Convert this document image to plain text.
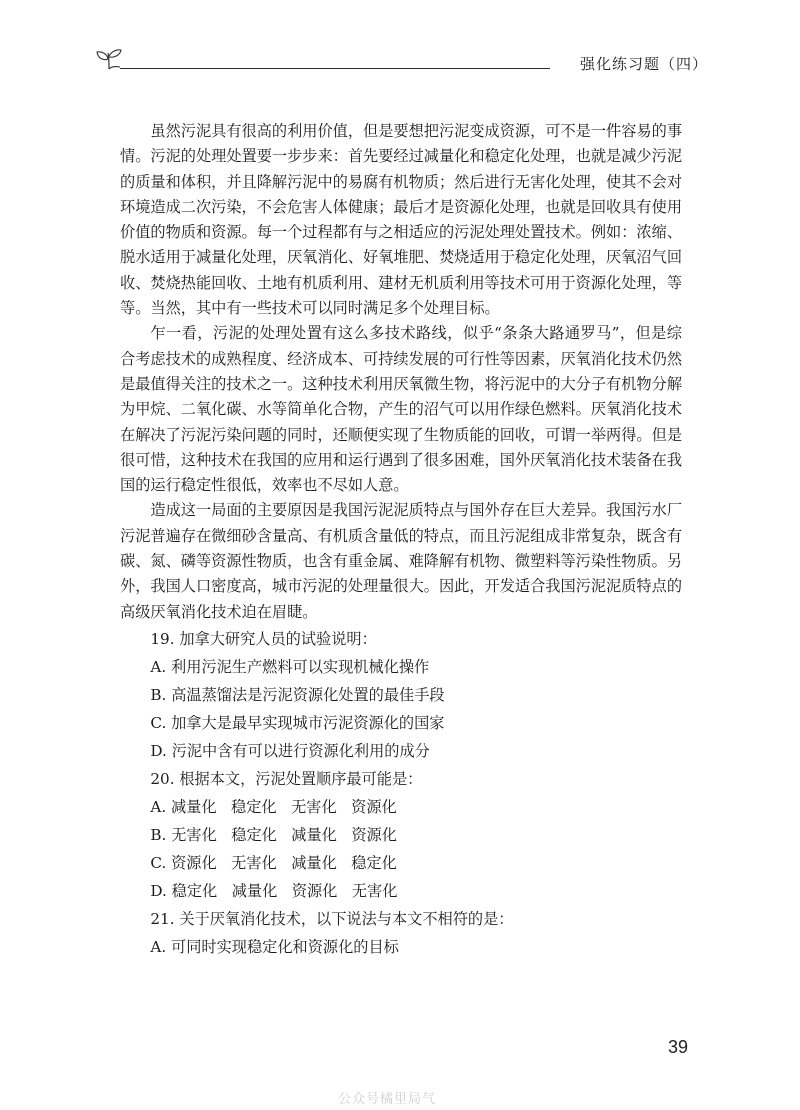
强化练习题（四）

虽然污泥具有很高的利用价值，但是要想把污泥变成资源，可不是一件容易的事情。污泥的处理处置要一步步来：首先要经过减量化和稳定化处理，也就是减少污泥的质量和体积，并且降解污泥中的易腐有机物质；然后进行无害化处理，使其不会对环境造成二次污染，不会危害人体健康；最后才是资源化处理，也就是回收具有使用价值的物质和资源。每一个过程都有与之相适应的污泥处理处置技术。例如：浓缩、脱水适用于减量化处理，厌氧消化、好氧堆肥、焚烧适用于稳定化处理，厌氧沼气回收、焚烧热能回收、土地有机质利用、建材无机质利用等技术可用于资源化处理，等等。当然，其中有一些技术可以同时满足多个处理目标。

乍一看，污泥的处理处置有这么多技术路线，似乎“条条大路通罗马”，但是综合考虑技术的成熟程度、经济成本、可持续发展的可行性等因素，厌氧消化技术仍然是最值得关注的技术之一。这种技术利用厌氧微生物，将污泥中的大分子有机物分解为甲烷、二氧化碳、水等简单化合物，产生的沼气可以用作绿色燃料。厌氧消化技术在解决了污泥污染问题的同时，还顺便实现了生物质能的回收，可谓一举两得。但是很可惜，这种技术在我国的应用和运行遇到了很多困难，国外厌氧消化技术装备在我国的运行稳定性很低，效率也不尽如人意。

造成这一局面的主要原因是我国污泥泥质特点与国外存在巨大差异。我国污水厂污泥普遍存在微细砂含量高、有机质含量低的特点，而且污泥组成非常复杂，既含有碳、氮、磷等资源性物质，也含有重金属、难降解有机物、微塑料等污染性物质。另外，我国人口密度高，城市污泥的处理量很大。因此，开发适合我国污泥泥质特点的高级厌氧消化技术迫在眉睫。

19. 加拿大研究人员的试验说明：

A. 利用污泥生产燃料可以实现机械化操作

B. 高温蒸馏法是污泥资源化处置的最佳手段

C. 加拿大是最早实现城市污泥资源化的国家

D. 污泥中含有可以进行资源化利用的成分

20. 根据本文，污泥处置顺序最可能是：

A. 减量化   稳定化   无害化   资源化

B. 无害化   稳定化   减量化   资源化

C. 资源化   无害化   减量化   稳定化

D. 稳定化   减量化   资源化   无害化

21. 关于厌氧消化技术，以下说法与本文不相符的是：

A. 可同时实现稳定化和资源化的目标

39
公众号橘里局气
